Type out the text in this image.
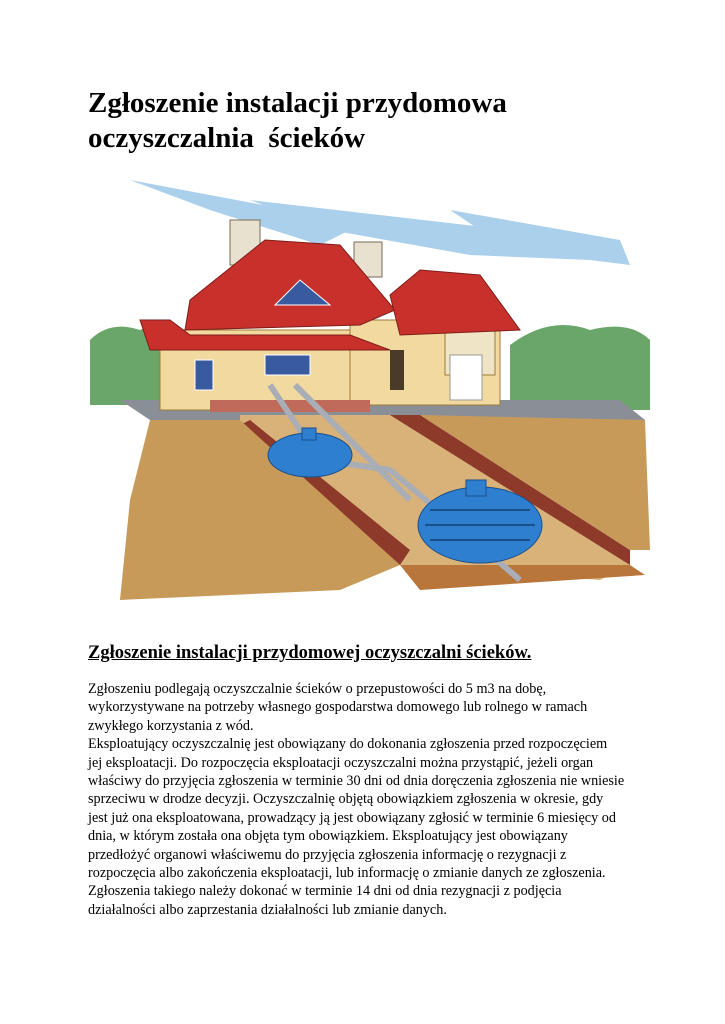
Zgłoszenie instalacji przydomowa
oczyszczalnia  ścieków
Zgłoszenie instalacji przydomowej oczyszczalni ścieków.
Zgłoszeniu podlegają oczyszczalnie ścieków o przepustowości do 5 m3 na dobę,
wykorzystywane na potrzeby własnego gospodarstwa domowego lub rolnego w ramach
zwykłego korzystania z wód.
Eksploatujący oczyszczalnię jest obowiązany do dokonania zgłoszenia przed rozpoczęciem
jej eksploatacji. Do rozpoczęcia eksploatacji oczyszczalni można przystąpić, jeżeli organ
właściwy do przyjęcia zgłoszenia w terminie 30 dni od dnia doręczenia zgłoszenia nie wniesie
sprzeciwu w drodze decyzji. Oczyszczalnię objętą obowiązkiem zgłoszenia w okresie, gdy
jest już ona eksploatowana, prowadzący ją jest obowiązany zgłosić w terminie 6 miesięcy od
dnia, w którym została ona objęta tym obowiązkiem. Eksploatujący jest obowiązany
przedłożyć organowi właściwemu do przyjęcia zgłoszenia informację o rezygnacji z
rozpoczęcia albo zakończenia eksploatacji, lub informację o zmianie danych ze zgłoszenia.
Zgłoszenia takiego należy dokonać w terminie 14 dni od dnia rezygnacji z podjęcia
działalności albo zaprzestania działalności lub zmianie danych.
